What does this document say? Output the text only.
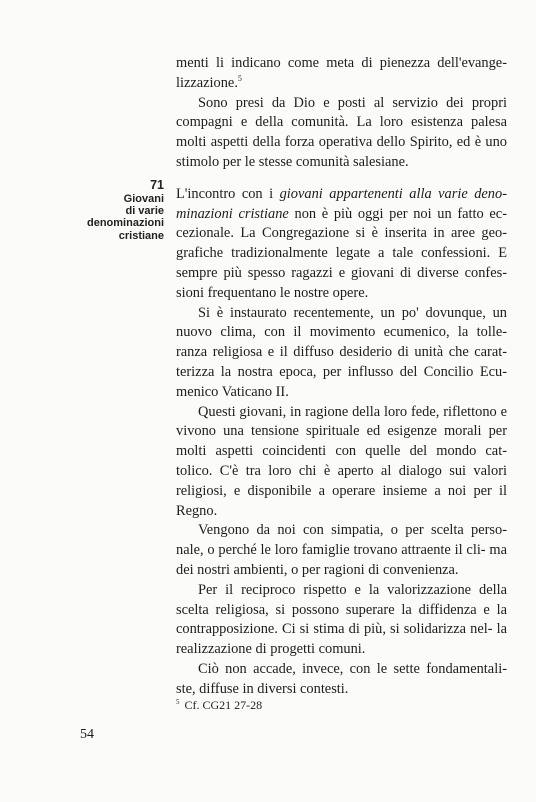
71
Giovani
di varie
denominazioni
cristiane

menti li indicano come meta di pienezza dell'evange- lizzazione.$^5$

Sono presi da Dio e posti al servizio dei propri compagni e della comunità. La loro esistenza palesa molti aspetti della forza operativa dello Spirito, ed è uno stimolo per le stesse comunità salesiane.

L'incontro con i giovani appartenenti alla varie deno- minazioni cristiane non è più oggi per noi un fatto ec- cezionale. La Congregazione si è inserita in aree geo- grafiche tradizionalmente legate a tale confessioni. E sempre più spesso ragazzi e giovani di diverse confes- sioni frequentano le nostre opere.

Si è instaurato recentemente, un po' dovunque, un nuovo clima, con il movimento ecumenico, la tolle- ranza religiosa e il diffuso desiderio di unità che carat- terizza la nostra epoca, per influsso del Concilio Ecu- menico Vaticano II.

Questi giovani, in ragione della loro fede, riflettono e vivono una tensione spirituale ed esigenze morali per molti aspetti coincidenti con quelle del mondo cat- tolico. C'è tra loro chi è aperto al dialogo sui valori religiosi, e disponibile a operare insieme a noi per il Regno.

Vengono da noi con simpatia, o per scelta perso- nale, o perché le loro famiglie trovano attraente il cli- ma dei nostri ambienti, o per ragioni di convenienza.

Per il reciproco rispetto e la valorizzazione della scelta religiosa, si possono superare la diffidenza e la contrapposizione. Ci si stima di più, si solidarizza nel- la realizzazione di progetti comuni.

Ciò non accade, invece, con le sette fondamentali- ste, diffuse in diversi contesti.

$^5$ Cf. CG21 27-28
54
